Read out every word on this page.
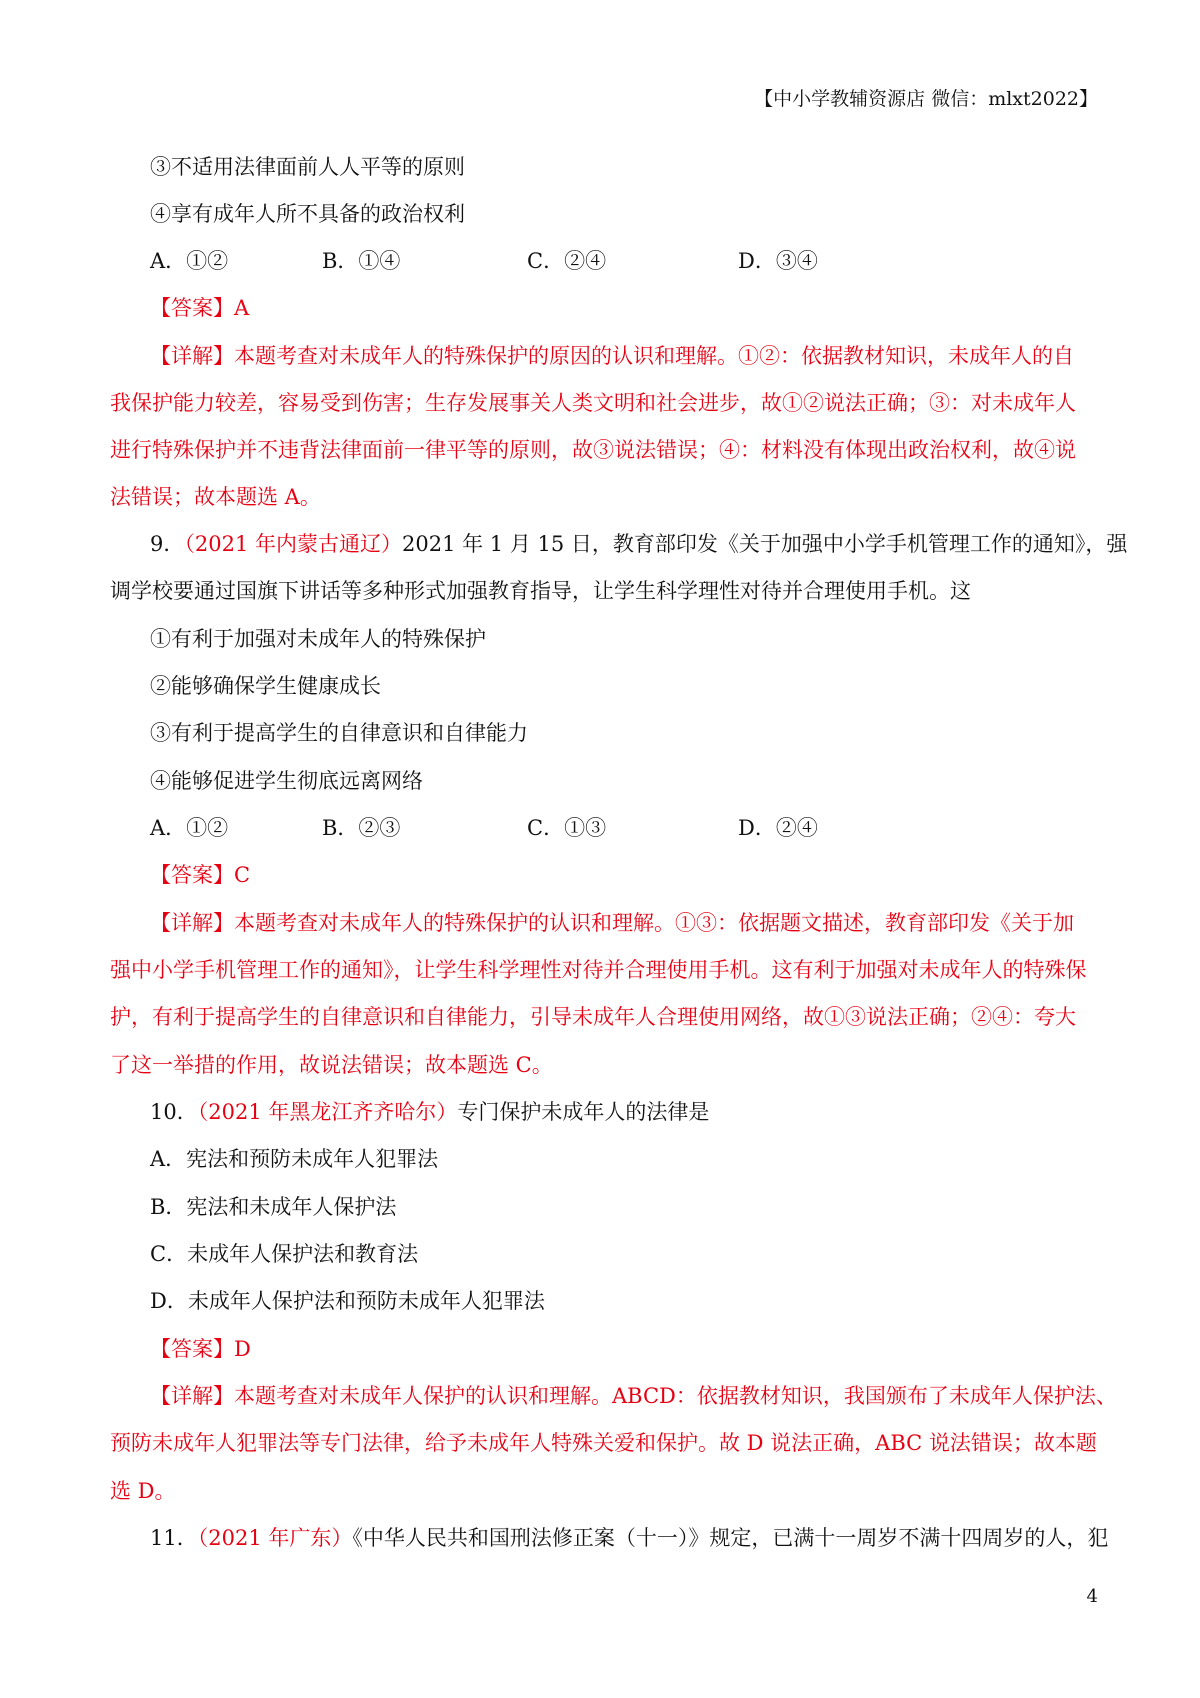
【中小学教辅资源店 微信：mlxt2022】
③不适用法律面前人人平等的原则
④享有成年人所不具备的政治权利
A．①②	B．①④	C．②④	D．③④
【答案】A
【详解】本题考查对未成年人的特殊保护的原因的认识和理解。①②：依据教材知识，未成年人的自
我保护能力较差，容易受到伤害；生存发展事关人类文明和社会进步，故①②说法正确；③：对未成年人
进行特殊保护并不违背法律面前一律平等的原则，故③说法错误；④：材料没有体现出政治权利，故④说
法错误；故本题选 A。
9．（2021 年内蒙古通辽）2021 年 1 月 15 日，教育部印发《关于加强中小学手机管理工作的通知》，强
调学校要通过国旗下讲话等多种形式加强教育指导，让学生科学理性对待并合理使用手机。这
①有利于加强对未成年人的特殊保护
②能够确保学生健康成长
③有利于提高学生的自律意识和自律能力
④能够促进学生彻底远离网络
A．①②	B．②③	C．①③	D．②④
【答案】C
【详解】本题考查对未成年人的特殊保护的认识和理解。①③：依据题文描述，教育部印发《关于加
强中小学手机管理工作的通知》，让学生科学理性对待并合理使用手机。这有利于加强对未成年人的特殊保
护，有利于提高学生的自律意识和自律能力，引导未成年人合理使用网络，故①③说法正确；②④：夸大
了这一举措的作用，故说法错误；故本题选 C。
10．（2021 年黑龙江齐齐哈尔）专门保护未成年人的法律是
A．宪法和预防未成年人犯罪法
B．宪法和未成年人保护法
C．未成年人保护法和教育法
D．未成年人保护法和预防未成年人犯罪法
【答案】D
【详解】本题考查对未成年人保护的认识和理解。ABCD：依据教材知识，我国颁布了未成年人保护法、
预防未成年人犯罪法等专门法律，给予未成年人特殊关爱和保护。故 D 说法正确，ABC 说法错误；故本题
选 D。
11．（2021 年广东）《中华人民共和国刑法修正案（十一）》规定，已满十一周岁不满十四周岁的人，犯
4
